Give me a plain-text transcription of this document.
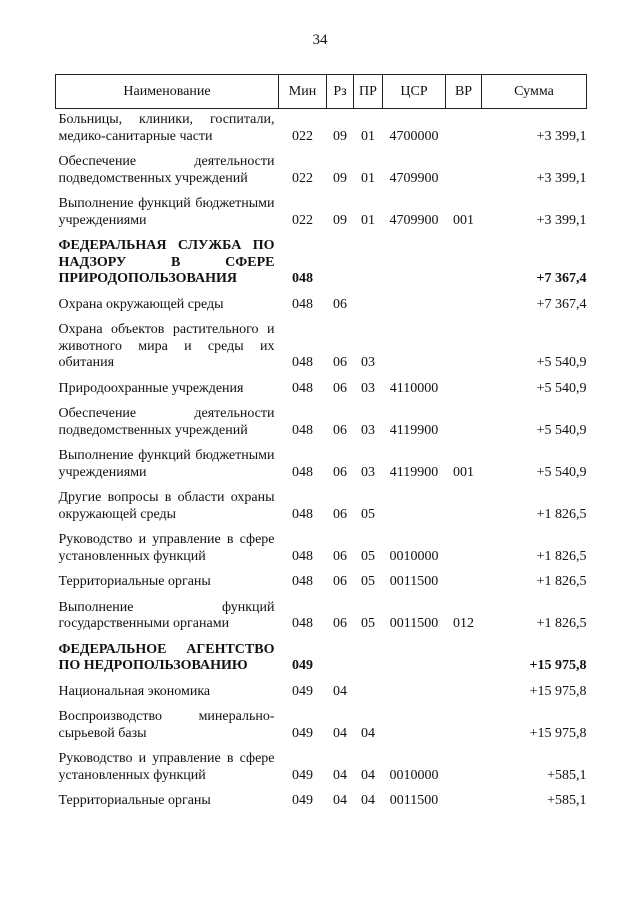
34
Наименование	Мин	Рз	ПР	ЦСР	ВР	Сумма
Больницы, клиники, госпитали, медико-санитарные части	022	09	01	4700000		+3 399,1
Обеспечение деятельности подведомственных учреждений	022	09	01	4709900		+3 399,1
Выполнение функций бюджетными учреждениями	022	09	01	4709900	001	+3 399,1
ФЕДЕРАЛЬНАЯ СЛУЖБА ПО НАДЗОРУ В СФЕРЕ ПРИРОДОПОЛЬЗОВАНИЯ	048					+7 367,4
Охрана окружающей среды	048	06				+7 367,4
Охрана объектов растительного и животного мира и среды их обитания	048	06	03			+5 540,9
Природоохранные учреждения	048	06	03	4110000		+5 540,9
Обеспечение деятельности подведомственных учреждений	048	06	03	4119900		+5 540,9
Выполнение функций бюджетными учреждениями	048	06	03	4119900	001	+5 540,9
Другие вопросы в области охраны окружающей среды	048	06	05			+1 826,5
Руководство и управление в сфере установленных функций	048	06	05	0010000		+1 826,5
Территориальные органы	048	06	05	0011500		+1 826,5
Выполнение функций государственными органами	048	06	05	0011500	012	+1 826,5
ФЕДЕРАЛЬНОЕ АГЕНТСТВО ПО НЕДРОПОЛЬЗОВАНИЮ	049					+15 975,8
Национальная экономика	049	04				+15 975,8
Воспроизводство минерально-сырьевой базы	049	04	04			+15 975,8
Руководство и управление в сфере установленных функций	049	04	04	0010000		+585,1
Территориальные органы	049	04	04	0011500		+585,1
